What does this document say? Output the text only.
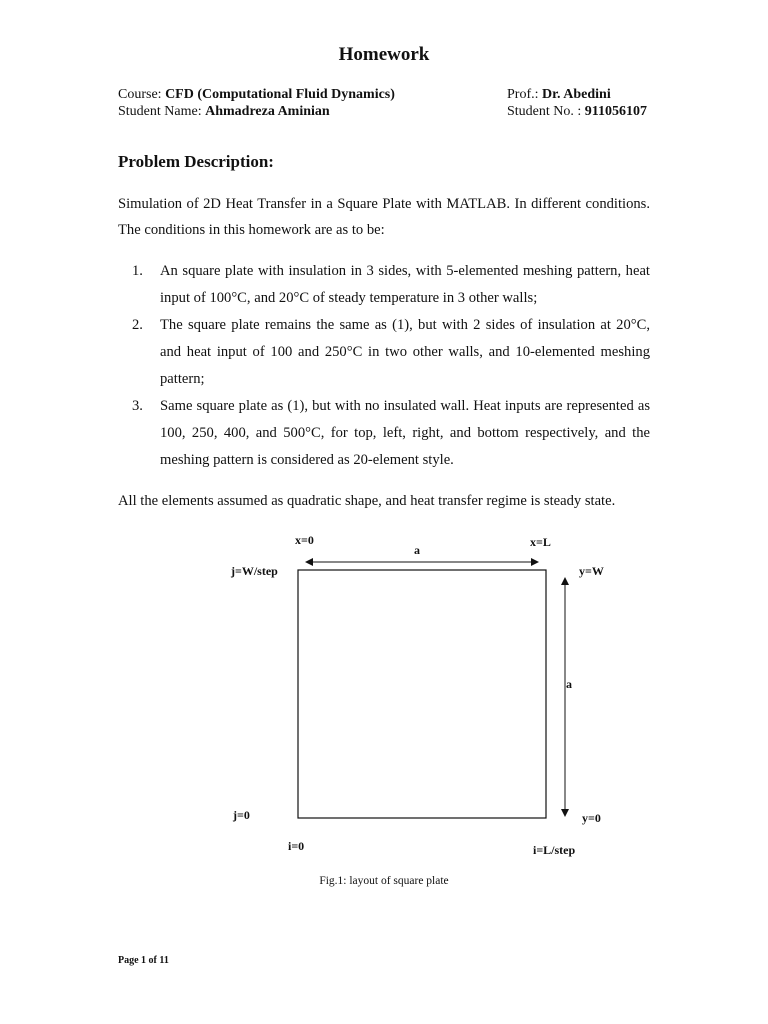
Homework
Course: CFD (Computational Fluid Dynamics)	Prof.: Dr. Abedini
Student Name: Ahmadreza Aminian	Student No. : 911056107
Problem Description:
Simulation of 2D Heat Transfer in a Square Plate with MATLAB. In different conditions. The conditions in this homework are as to be:
1. An square plate with insulation in 3 sides, with 5-elemented meshing pattern, heat input of 100°C, and 20°C of steady temperature in 3 other walls;
2. The square plate remains the same as (1), but with 2 sides of insulation at 20°C, and heat input of 100 and 250°C in two other walls, and 10-elemented meshing pattern;
3. Same square plate as (1), but with no insulated wall. Heat inputs are represented as 100, 250, 400, and 500°C, for top, left, right, and bottom respectively, and the meshing pattern is considered as 20-element style.
All the elements assumed as quadratic shape, and heat transfer regime is steady state.
x=0	x=L
a
j=W/step	y=W
a
j=0	y=0
i=0	i=L/step
Fig.1: layout of square plate
Page 1 of 11
